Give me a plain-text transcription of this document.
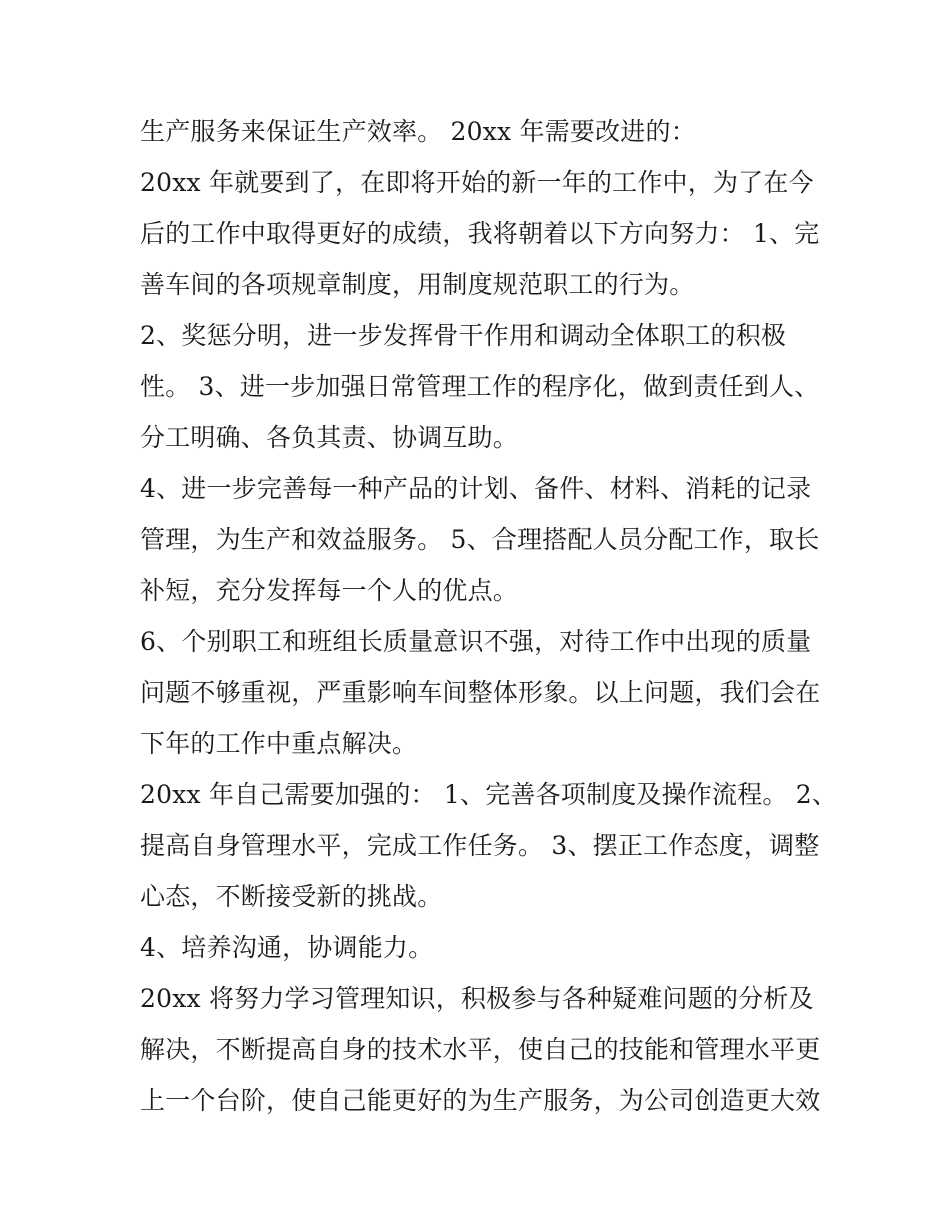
生产服务来保证生产效率。 20xx 年需要改进的：
20xx 年就要到了，在即将开始的新一年的工作中，为了在今
后的工作中取得更好的成绩，我将朝着以下方向努力： 1、完
善车间的各项规章制度，用制度规范职工的行为。
2、奖惩分明，进一步发挥骨干作用和调动全体职工的积极
性。 3、进一步加强日常管理工作的程序化，做到责任到人、
分工明确、各负其责、协调互助。
4、进一步完善每一种产品的计划、备件、材料、消耗的记录
管理，为生产和效益服务。 5、合理搭配人员分配工作，取长
补短，充分发挥每一个人的优点。
6、个别职工和班组长质量意识不强，对待工作中出现的质量
问题不够重视，严重影响车间整体形象。以上问题，我们会在
下年的工作中重点解决。
20xx 年自己需要加强的： 1、完善各项制度及操作流程。 2、
提高自身管理水平，完成工作任务。 3、摆正工作态度，调整
心态，不断接受新的挑战。
4、培养沟通，协调能力。
20xx 将努力学习管理知识，积极参与各种疑难问题的分析及
解决，不断提高自身的技术水平，使自己的技能和管理水平更
上一个台阶，使自己能更好的为生产服务，为公司创造更大效
